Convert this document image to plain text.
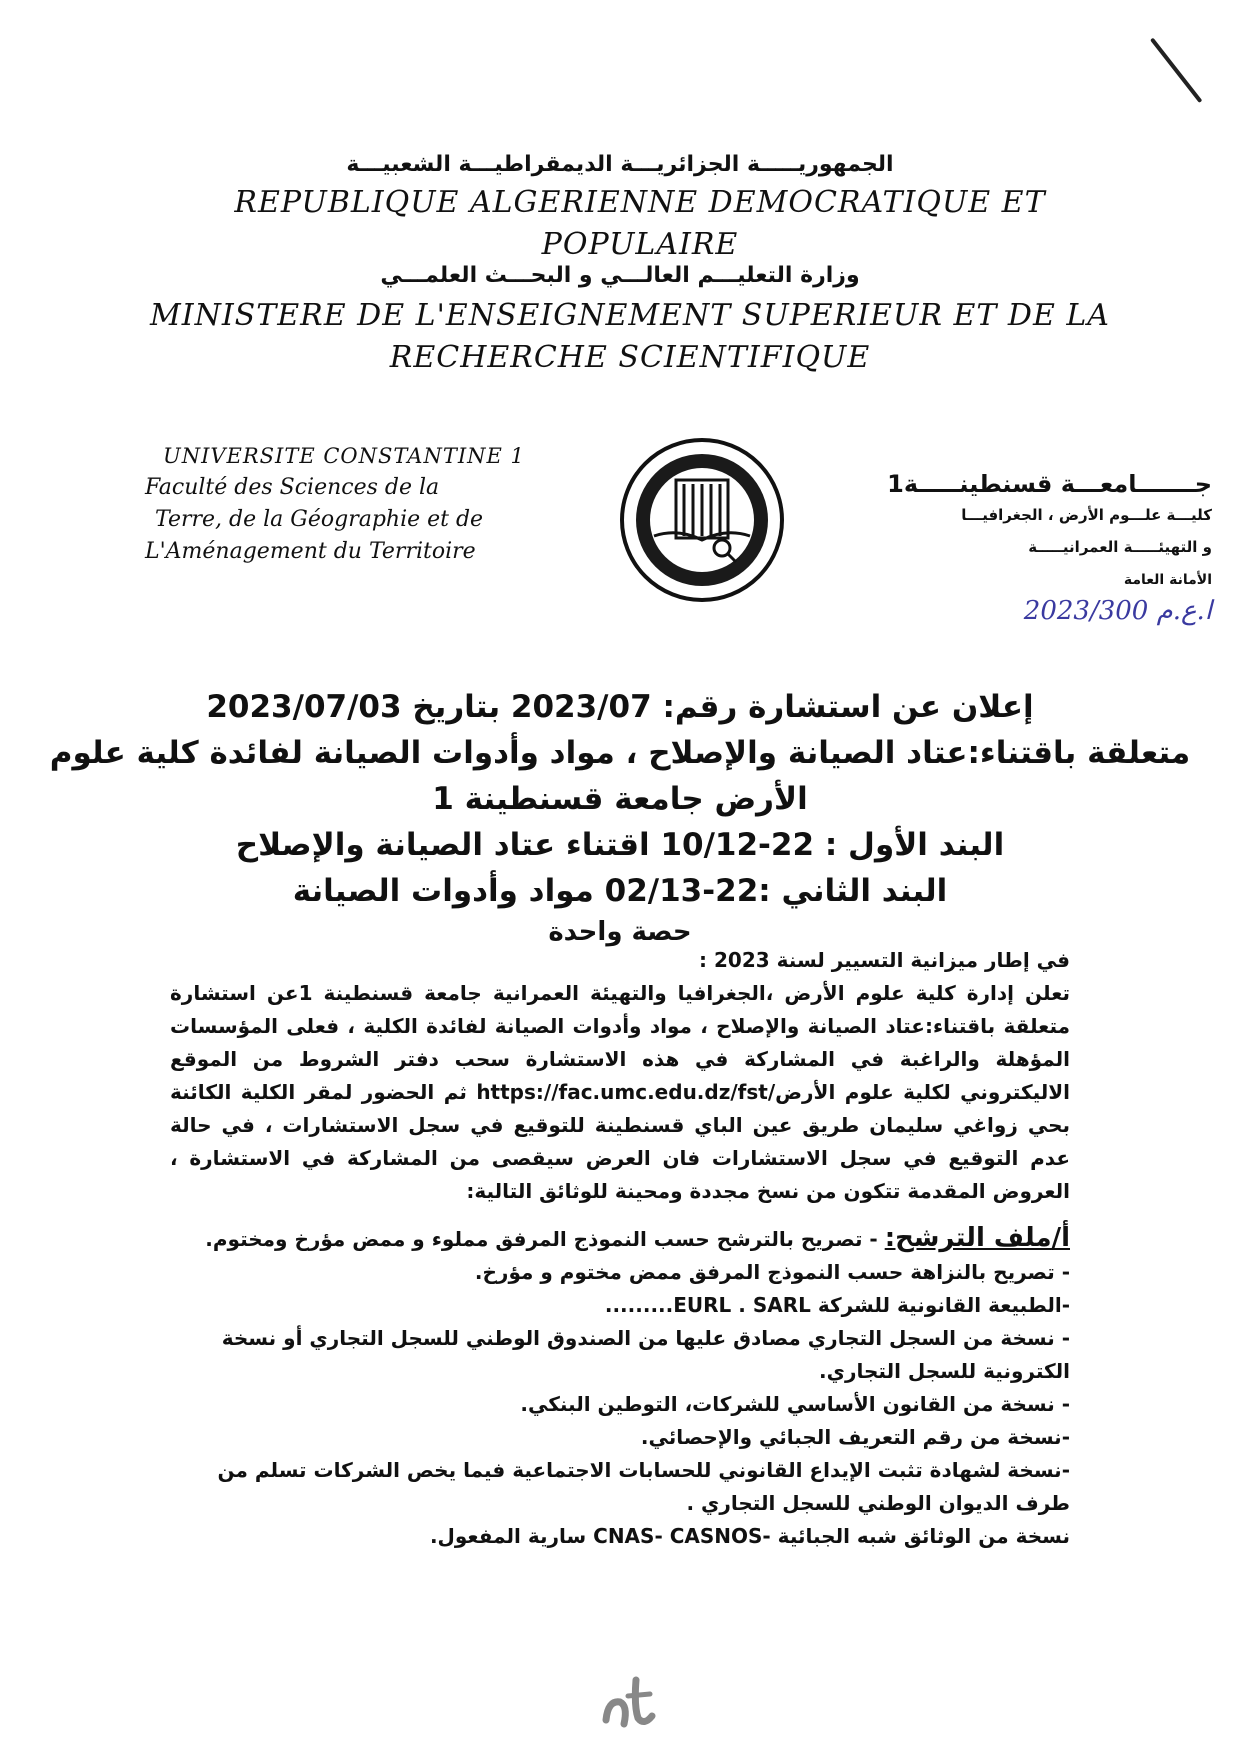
الجمهوريـــــة الجزائريـــة الديمقراطيـــة الشعبيـــة
REPUBLIQUE ALGERIENNE DEMOCRATIQUE ET POPULAIRE
وزارة التعليـــم العالـــي و البحـــث العلمـــي
MINISTERE DE L'ENSEIGNEMENT SUPERIEUR ET DE LA RECHERCHE SCIENTIFIQUE
UNIVERSITE CONSTANTINE 1
Faculté des Sciences de la
Terre, de la Géographie et de
L'Aménagement du Territoire
جـــــــامعـــة قسنطينـــــة1
كليـــة علـــوم الأرض ، الجغرافيـــا
و التهيئـــــة العمرانيـــــة
الأمانة العامة
2023/300 ا.ع.م
إعلان عن استشارة رقم: 2023/07 بتاريخ 2023/07/03
متعلقة باقتناء:عتاد الصيانة والإصلاح ، مواد وأدوات الصيانة لفائدة كلية علوم
الأرض جامعة قسنطينة 1
البند الأول : 22-10/12 اقتناء عتاد الصيانة والإصلاح
البند الثاني :22-02/13 مواد وأدوات الصيانة
حصة واحدة

في إطار ميزانية التسيير لسنة 2023 :

تعلن إدارة كلية علوم الأرض ،الجغرافيا والتهيئة العمرانية جامعة قسنطينة 1عن استشارة متعلقة باقتناء:عتاد الصيانة والإصلاح ، مواد وأدوات الصيانة لفائدة الكلية ، فعلى المؤسسات المؤهلة والراغبة في المشاركة في هذه الاستشارة سحب دفتر الشروط من الموقع الاليكتروني لكلية علوم الأرض/https://fac.umc.edu.dz/fst ثم الحضور لمقر الكلية الكائنة بحي زواغي سليمان طريق عين الباي قسنطينة للتوقيع في سجل الاستشارات ، في حالة عدم التوقيع في سجل الاستشارات فان العرض سيقصى من المشاركة في الاستشارة ، العروض المقدمة تتكون من نسخ مجددة ومحينة للوثائق التالية:

أ/ملف الترشح: - تصريح بالترشح حسب النموذج المرفق مملوء و ممض مؤرخ ومختوم.

- تصريح بالنزاهة حسب النموذج المرفق ممض مختوم و مؤرخ.

-الطبيعة القانونية للشركة EURL . SARL.........

- نسخة من السجل التجاري مصادق عليها من الصندوق الوطني للسجل التجاري أو نسخة الكترونية للسجل التجاري.

- نسخة من القانون الأساسي للشركات، التوطين البنكي.

-نسخة من رقم التعريف الجبائي والإحصائي.

-نسخة لشهادة تثبت الإيداع القانوني للحسابات الاجتماعية فيما يخص الشركات تسلم من طرف الديوان الوطني للسجل التجاري .

نسخة من الوثائق شبه الجبائية -CNAS- CASNOS سارية المفعول.
